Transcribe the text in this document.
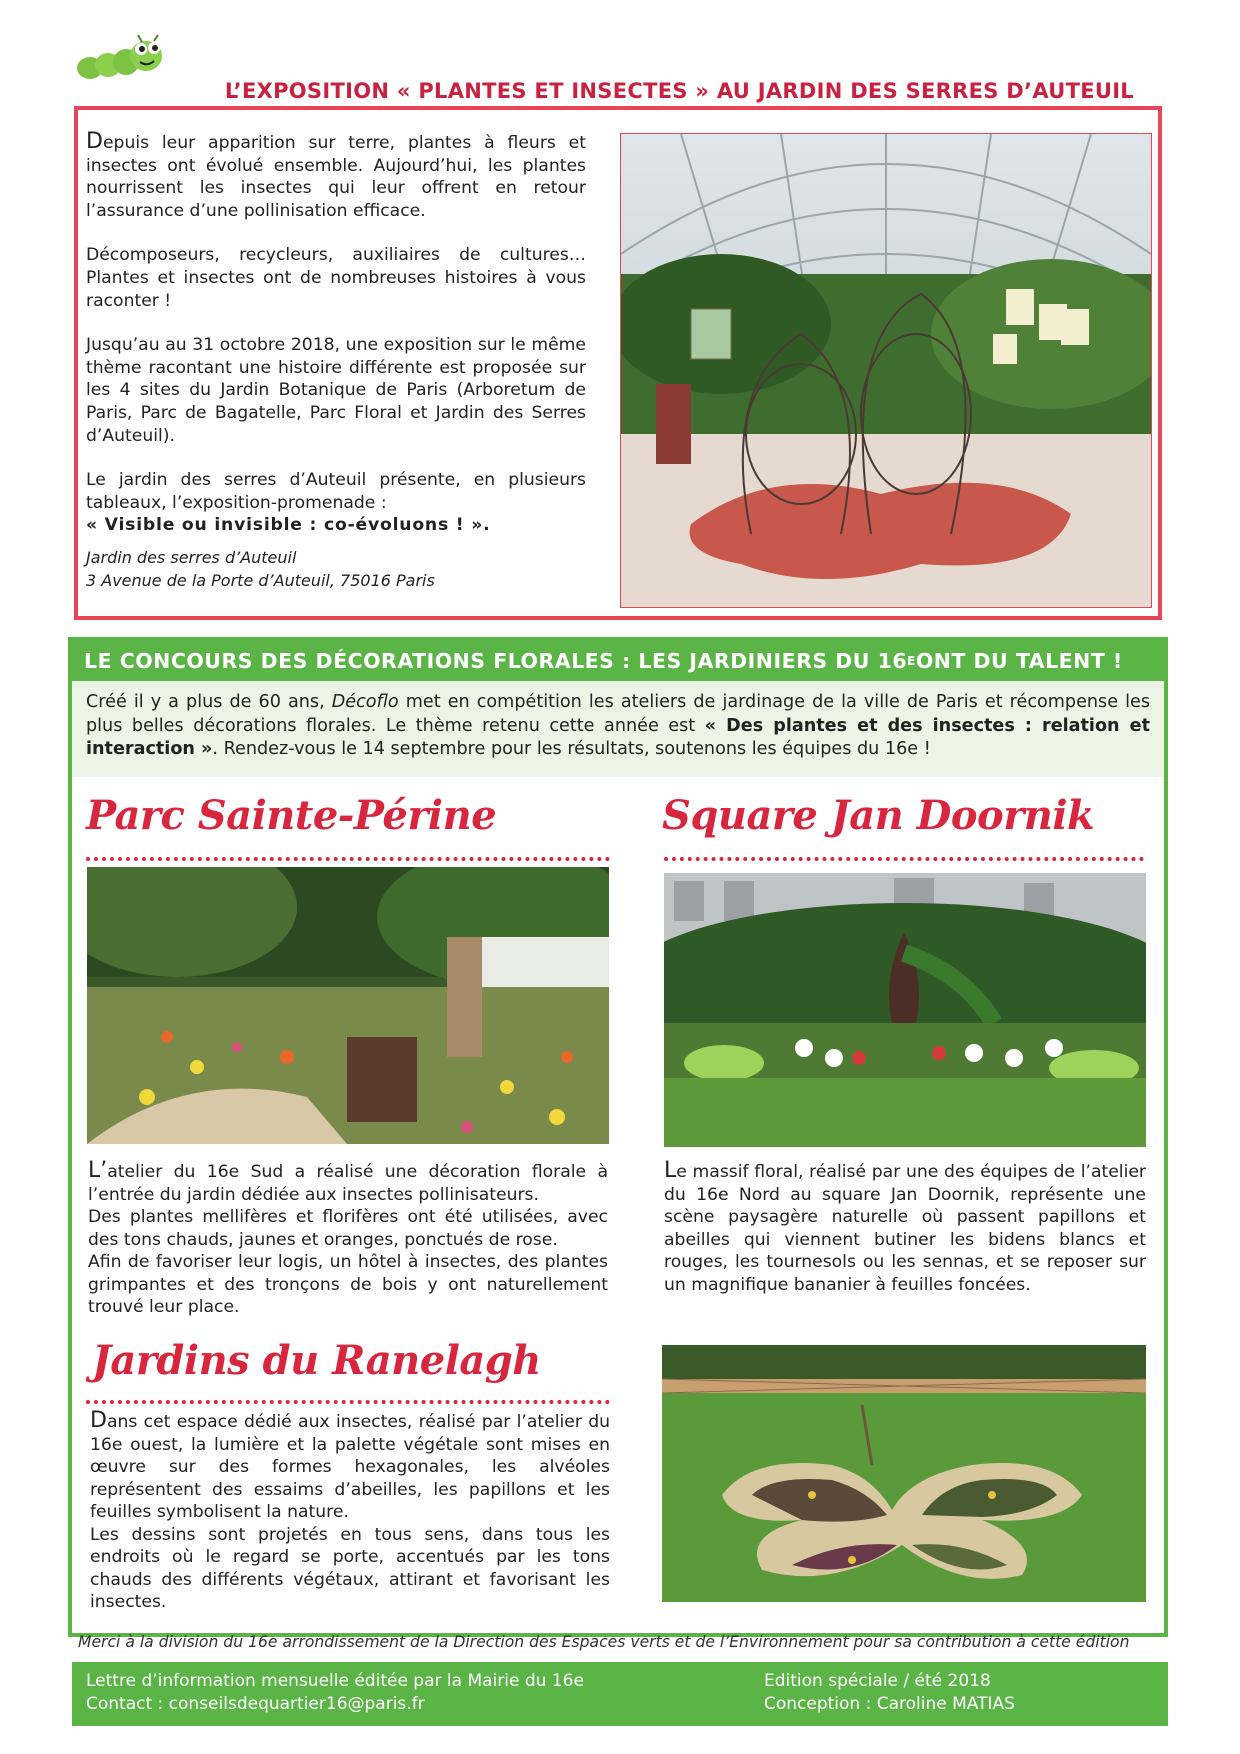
L’EXPOSITION « PLANTES ET INSECTES » AU JARDIN DES SERRES D’AUTEUIL

Depuis leur apparition sur terre, plantes à fleurs et insectes ont évolué ensemble. Aujourd’hui, les plantes nourrissent les insectes qui leur offrent en retour l’assurance d’une pollinisation efficace.

Décomposeurs, recycleurs, auxiliaires de cultures… Plantes et insectes ont de nombreuses histoires à vous raconter !

Jusqu’au au 31 octobre 2018, une exposition sur le même thème racontant une histoire différente est proposée sur les 4 sites du Jardin Botanique de Paris (Arboretum de Paris, Parc de Bagatelle, Parc Floral et Jardin des Serres d’Auteuil).

Le jardin des serres d’Auteuil présente, en plusieurs tableaux, l’exposition-promenade :

« Visible ou invisible : co-évoluons ! ».

Jardin des serres d’Auteuil
3 Avenue de la Porte d’Auteuil, 75016 Paris
LE CONCOURS DES DÉCORATIONS FLORALES : LES JARDINIERS DU 16 E ONT DU TALENT !
Créé il y a plus de 60 ans, Décoflo met en compétition les ateliers de jardinage de la ville de Paris et récompense les plus belles décorations florales. Le thème retenu cette année est « Des plantes et des insectes : relation et interaction ». Rendez-vous le 14 septembre pour les résultats, soutenons les équipes du 16e !
Parc Sainte-Périne

L’atelier du 16e Sud a réalisé une décoration florale à l’entrée du jardin dédiée aux insectes pollinisateurs.

Des plantes mellifères et florifères ont été utilisées, avec des tons chauds, jaunes et oranges, ponctués de rose.

Afin de favoriser leur logis, un hôtel à insectes, des plantes grimpantes et des tronçons de bois y ont naturellement trouvé leur place.

Square Jan Doornik

Le massif floral, réalisé par une des équipes de l’atelier du 16e Nord au square Jan Doornik, représente une scène paysagère naturelle où passent papillons et abeilles qui viennent butiner les bidens blancs et rouges, les tournesols ou les sennas, et se reposer sur un magnifique bananier à feuilles foncées.

Jardins du Ranelagh

Dans cet espace dédié aux insectes, réalisé par l’atelier du 16e ouest, la lumière et la palette végétale sont mises en œuvre sur des formes hexagonales, les alvéoles représentent des essaims d’abeilles, les papillons et les feuilles symbolisent la nature.

Les dessins sont projetés en tous sens, dans tous les endroits où le regard se porte, accentués par les tons chauds des différents végétaux, attirant et favorisant les insectes.

Merci à la division du 16e arrondissement de la Direction des Espaces verts et de l’Environnement pour sa contribution à cette édition
Lettre d’information mensuelle éditée par la Mairie du 16e
Contact : conseilsdequartier16@paris.fr
Edition spéciale / été 2018
Conception : Caroline MATIAS
